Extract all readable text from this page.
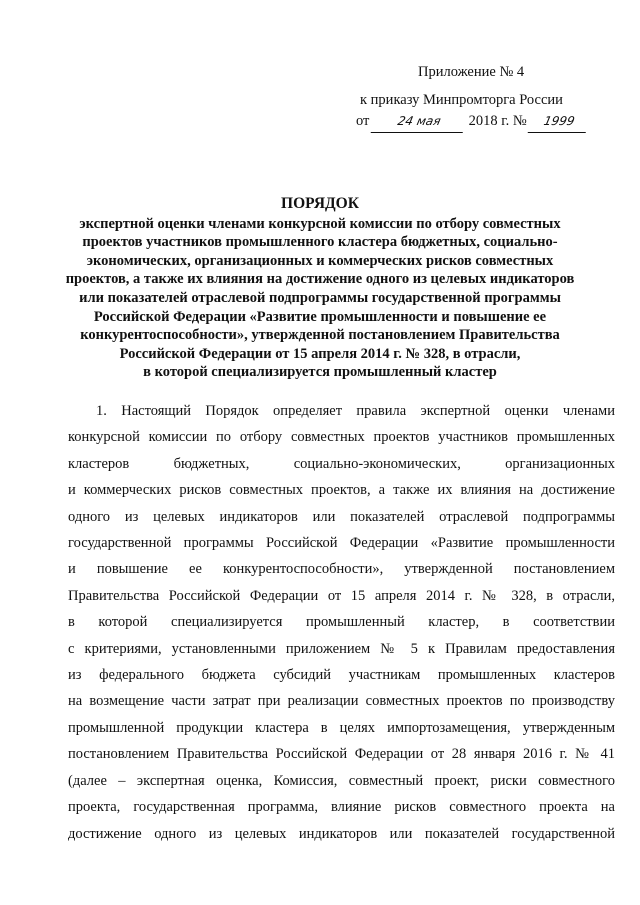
Приложение № 4
к приказу Минпромторга России
от 24 мая 2018 г. № 1999
ПОРЯДОК
экспертной оценки членами конкурсной комиссии по отбору совместных
проектов участников промышленного кластера бюджетных, социально-
экономических, организационных и коммерческих рисков совместных
проектов, а также их влияния на достижение одного из целевых индикаторов
или показателей отраслевой подпрограммы государственной программы
Российской Федерации «Развитие промышленности и повышение ее
конкурентоспособности», утвержденной постановлением Правительства
Российской Федерации от 15 апреля 2014 г. № 328, в отрасли,
в которой специализируется промышленный кластер
1. Настоящий Порядок определяет правила экспертной оценки членами
конкурсной комиссии по отбору совместных проектов участников промышленных
кластеров бюджетных, социально-экономических, организационных
и коммерческих рисков совместных проектов, а также их влияния на достижение
одного из целевых индикаторов или показателей отраслевой подпрограммы
государственной программы Российской Федерации «Развитие промышленности
и повышение ее конкурентоспособности», утвержденной постановлением
Правительства Российской Федерации от 15 апреля 2014 г. № 328, в отрасли,
в которой специализируется промышленный кластер, в соответствии
с критериями, установленными приложением № 5 к Правилам предоставления
из федерального бюджета субсидий участникам промышленных кластеров
на возмещение части затрат при реализации совместных проектов по производству
промышленной продукции кластера в целях импортозамещения, утвержденным
постановлением Правительства Российской Федерации от 28 января 2016 г. № 41
(далее – экспертная оценка, Комиссия, совместный проект, риски совместного
проекта, государственная программа, влияние рисков совместного проекта на
достижение одного из целевых индикаторов или показателей государственной
